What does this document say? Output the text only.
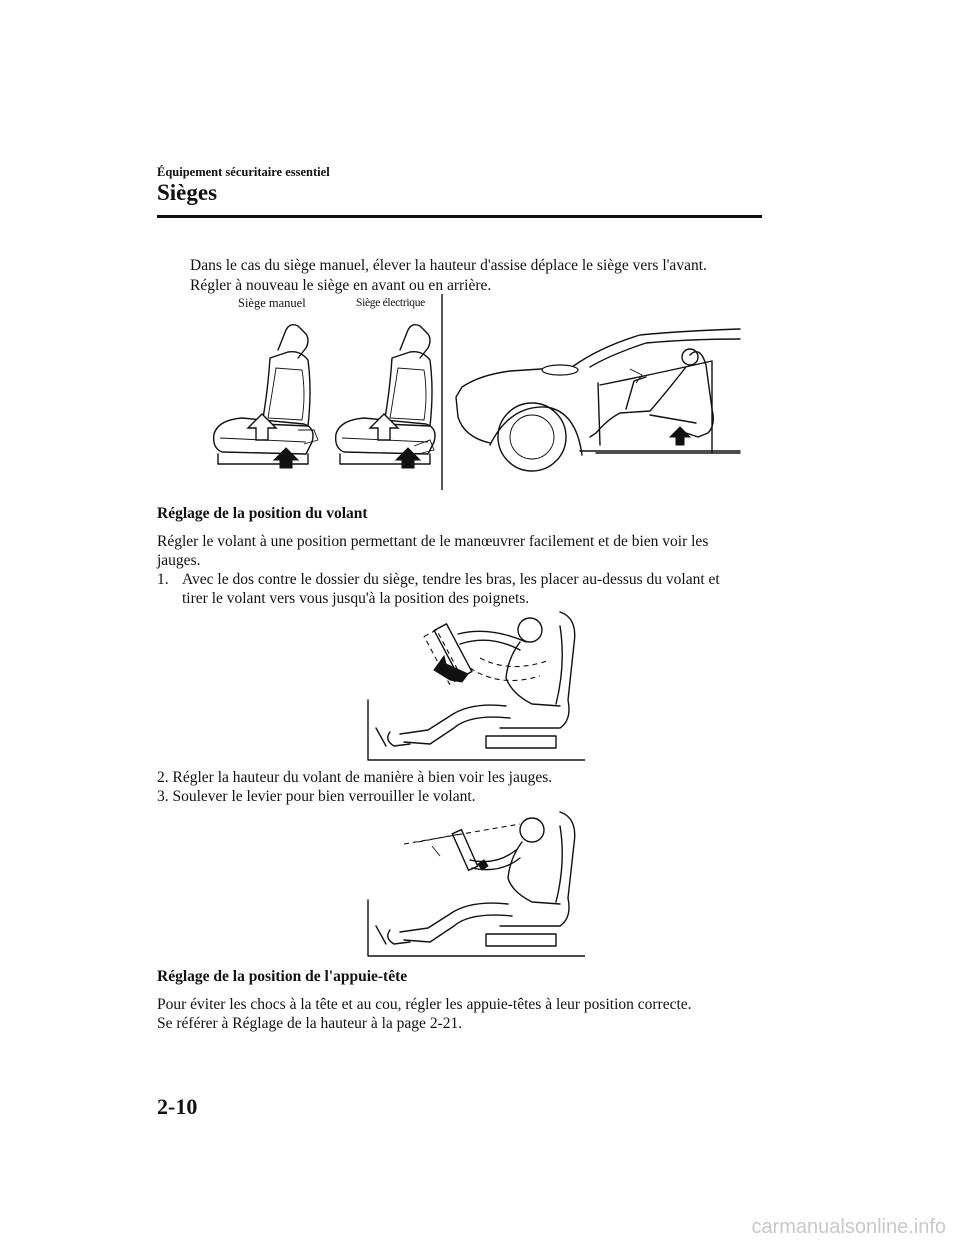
Équipement sécuritaire essentiel
Sièges
Dans le cas du siège manuel, élever la hauteur d'assise déplace le siège vers l'avant.
Régler à nouveau le siège en avant ou en arrière.
Siège manuel	Siège électrique
Réglage de la position du volant
Régler le volant à une position permettant de le manœuvrer facilement et de bien voir les
jauges.
1. Avec le dos contre le dossier du siège, tendre les bras, les placer au-dessus du volant et
tirer le volant vers vous jusqu'à la position des poignets.
2. Régler la hauteur du volant de manière à bien voir les jauges.
3. Soulever le levier pour bien verrouiller le volant.
Réglage de la position de l'appuie-tête
Pour éviter les chocs à la tête et au cou, régler les appuie-têtes à leur position correcte.
Se référer à Réglage de la hauteur à la page 2-21.
2-10
carmanualsonline.info
